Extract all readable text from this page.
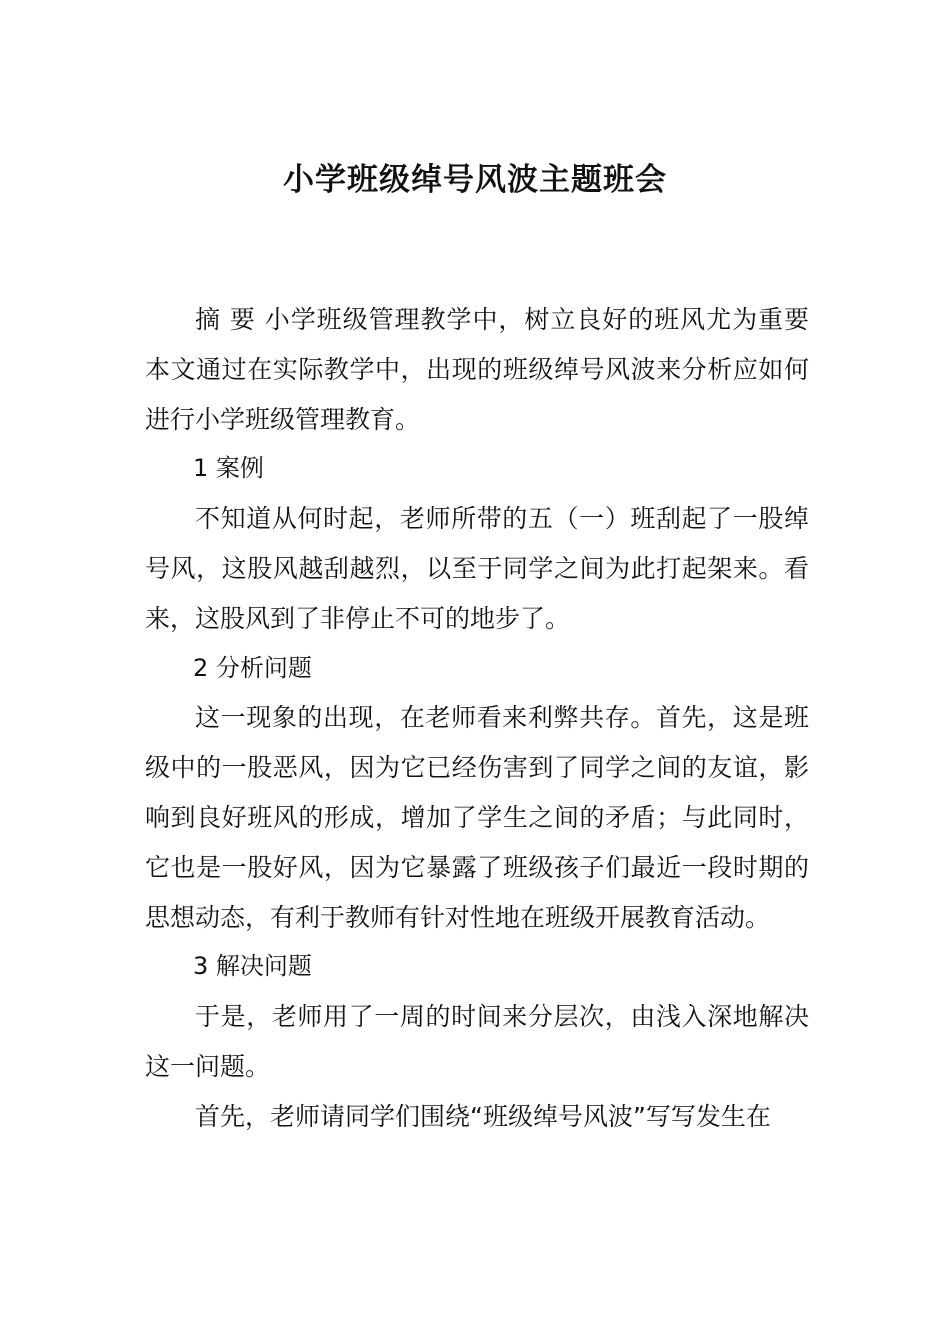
小学班级绰号风波主题班会

摘 要 小学班级管理教学中，树立良好的班风尤为重要本文通过在实际教学中，出现的班级绰号风波来分析应如何进行小学班级管理教育。

1 案例

不知道从何时起，老师所带的五（一）班刮起了一股绰号风，这股风越刮越烈，以至于同学之间为此打起架来。看来，这股风到了非停止不可的地步了。

2 分析问题

这一现象的出现，在老师看来利弊共存。首先，这是班级中的一股恶风，因为它已经伤害到了同学之间的友谊，影响到良好班风的形成，增加了学生之间的矛盾；与此同时，它也是一股好风，因为它暴露了班级孩子们最近一段时期的思想动态，有利于教师有针对性地在班级开展教育活动。

3 解决问题

于是，老师用了一周的时间来分层次，由浅入深地解决这一问题。

首先，老师请同学们围绕“班级绰号风波”写写发生在
